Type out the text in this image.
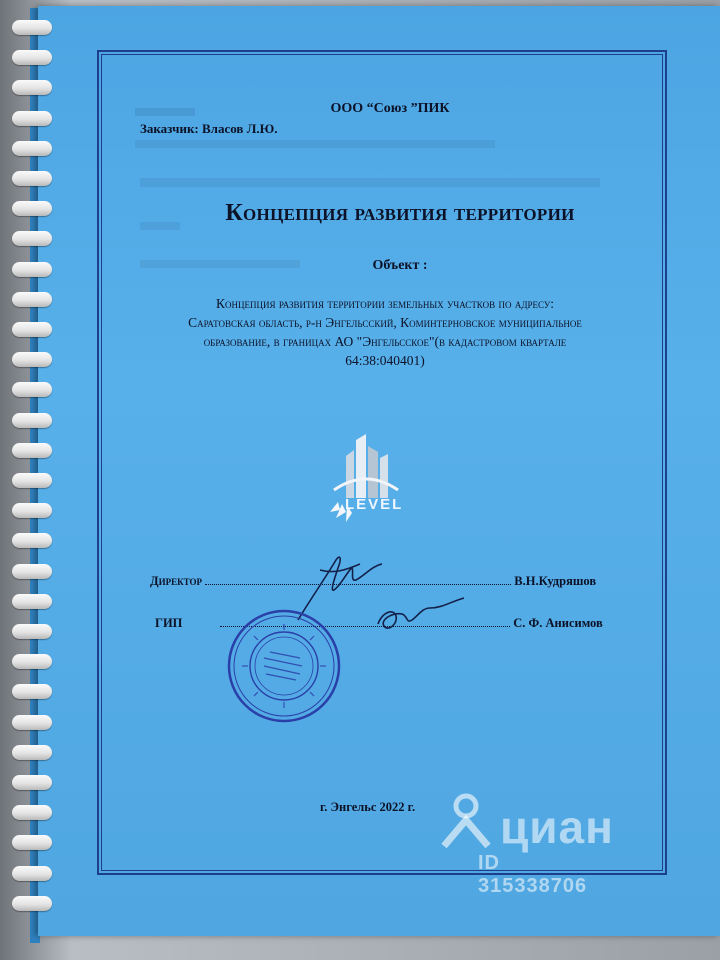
ООО “Союз ”ПИК
Заказчик: Власов Л.Ю.
Концепция развития территории
Объект :
Концепция развития территории земельных участков по адресу:
Саратовская область, р-н Энгельсский, Коминтерновское муниципальное
образование, в границах АО "Энгельсское"(в кадастровом квартале
64:38:040401)
LEVEL
Директор	В.Н.Кудряшов
ГИП	С. Ф. Анисимов
г. Энгельс 2022 г. циан
ID 315338706
